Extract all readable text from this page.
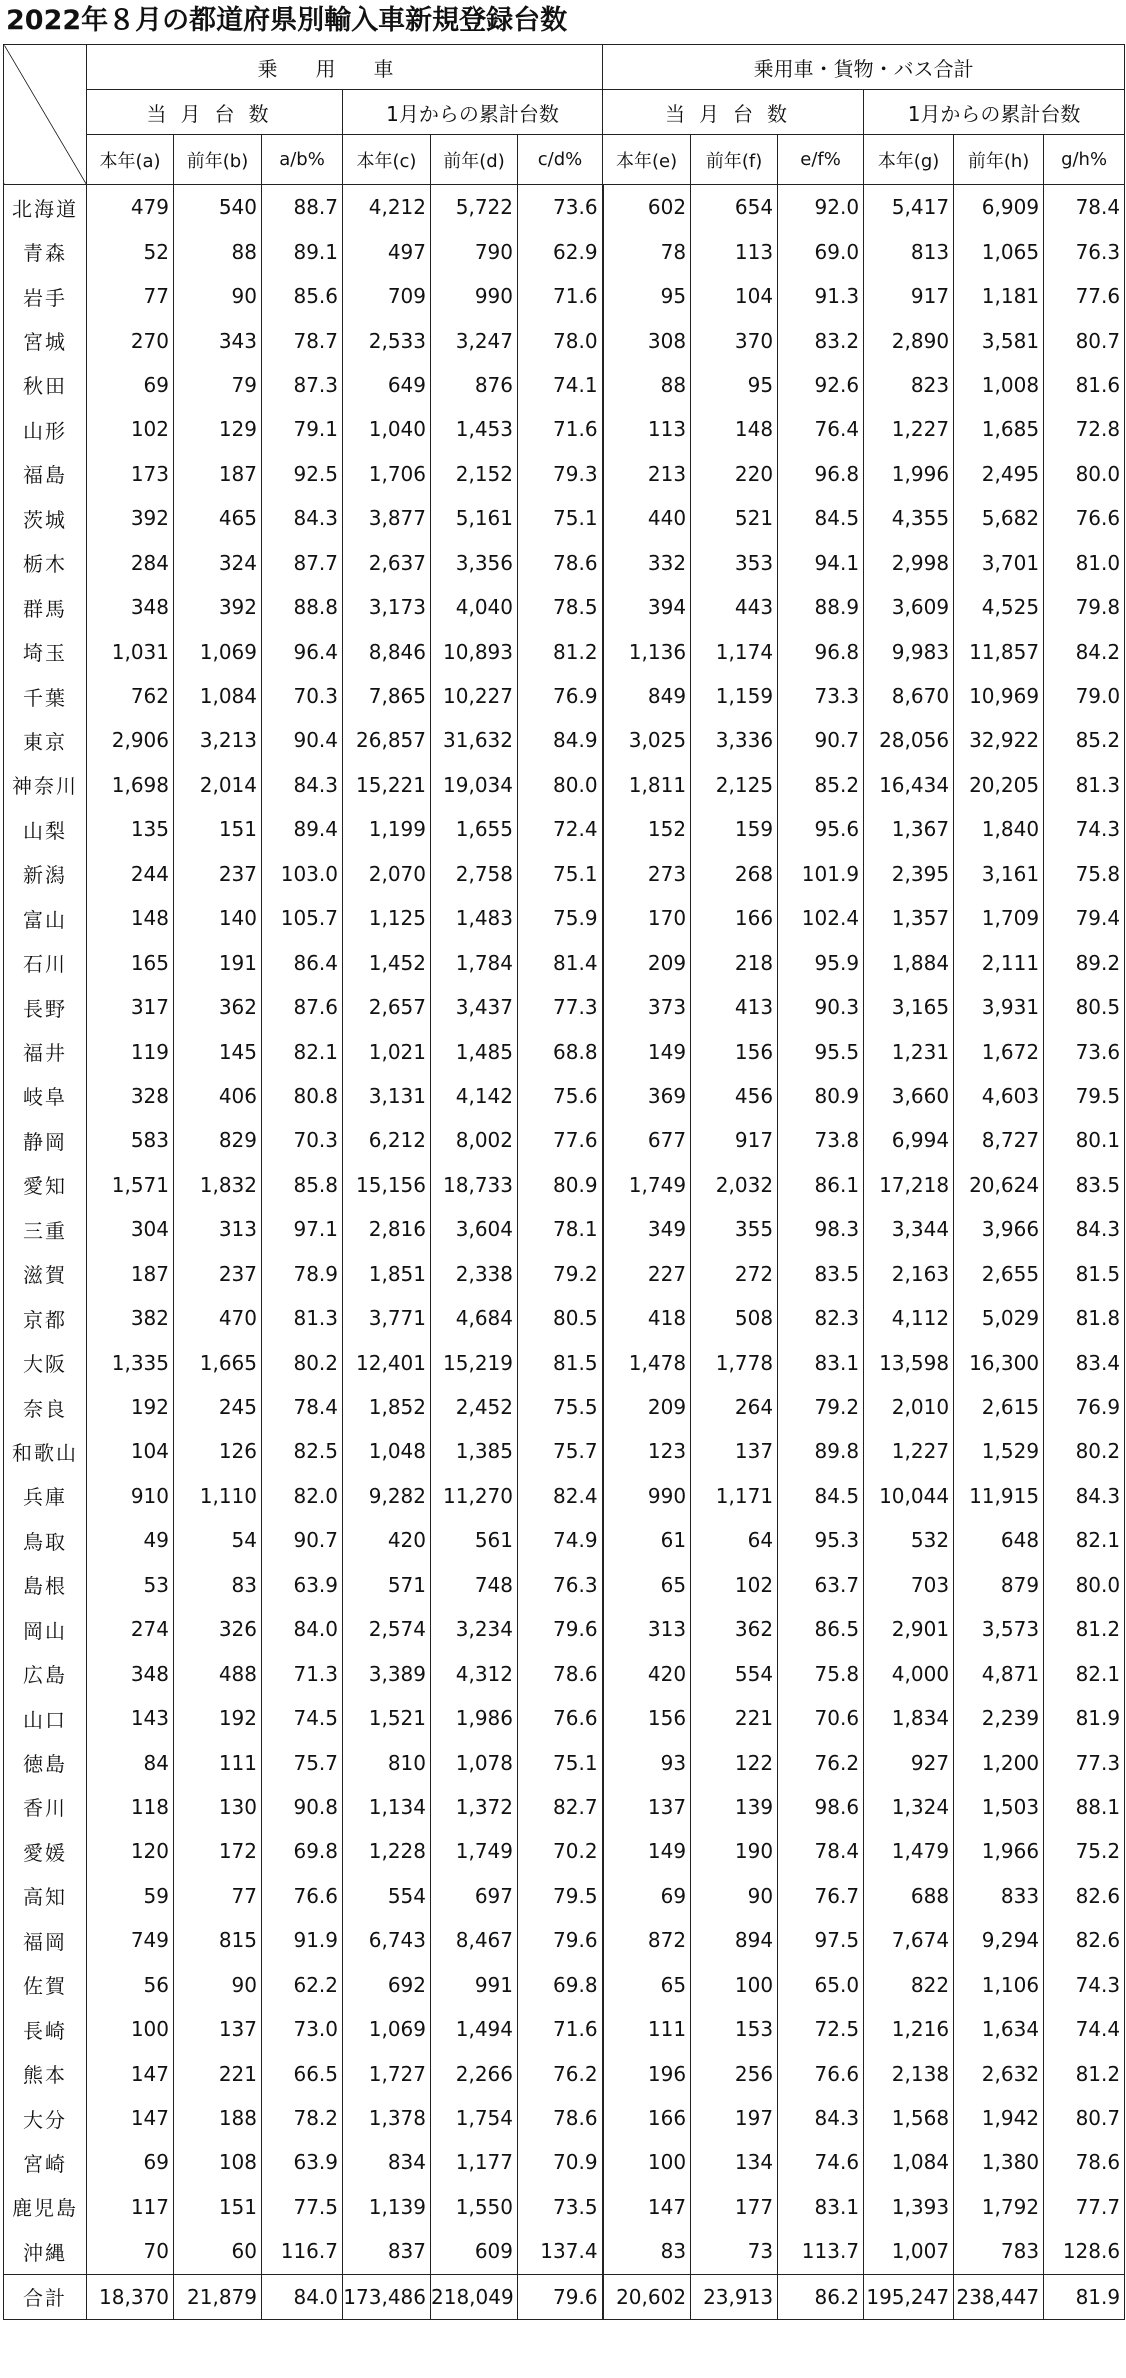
2022年８月の都道府県別輸入車新規登録台数
	乗用車						乗用車・貨物・バス合計					
	当月台数			1月からの累計台数			当月台数			1月からの累計台数		
	本年(a)	前年(b)	a/b%	本年(c)	前年(d)	c/d%	本年(e)	前年(f)	e/f%	本年(g)	前年(h)	g/h%
北海道	479	540	88.7	4,212	5,722	73.6	602	654	92.0	5,417	6,909	78.4
青森	52	88	89.1	497	790	62.9	78	113	69.0	813	1,065	76.3
岩手	77	90	85.6	709	990	71.6	95	104	91.3	917	1,181	77.6
宮城	270	343	78.7	2,533	3,247	78.0	308	370	83.2	2,890	3,581	80.7
秋田	69	79	87.3	649	876	74.1	88	95	92.6	823	1,008	81.6
山形	102	129	79.1	1,040	1,453	71.6	113	148	76.4	1,227	1,685	72.8
福島	173	187	92.5	1,706	2,152	79.3	213	220	96.8	1,996	2,495	80.0
茨城	392	465	84.3	3,877	5,161	75.1	440	521	84.5	4,355	5,682	76.6
栃木	284	324	87.7	2,637	3,356	78.6	332	353	94.1	2,998	3,701	81.0
群馬	348	392	88.8	3,173	4,040	78.5	394	443	88.9	3,609	4,525	79.8
埼玉	1,031	1,069	96.4	8,846	10,893	81.2	1,136	1,174	96.8	9,983	11,857	84.2
千葉	762	1,084	70.3	7,865	10,227	76.9	849	1,159	73.3	8,670	10,969	79.0
東京	2,906	3,213	90.4	26,857	31,632	84.9	3,025	3,336	90.7	28,056	32,922	85.2
神奈川	1,698	2,014	84.3	15,221	19,034	80.0	1,811	2,125	85.2	16,434	20,205	81.3
山梨	135	151	89.4	1,199	1,655	72.4	152	159	95.6	1,367	1,840	74.3
新潟	244	237	103.0	2,070	2,758	75.1	273	268	101.9	2,395	3,161	75.8
富山	148	140	105.7	1,125	1,483	75.9	170	166	102.4	1,357	1,709	79.4
石川	165	191	86.4	1,452	1,784	81.4	209	218	95.9	1,884	2,111	89.2
長野	317	362	87.6	2,657	3,437	77.3	373	413	90.3	3,165	3,931	80.5
福井	119	145	82.1	1,021	1,485	68.8	149	156	95.5	1,231	1,672	73.6
岐阜	328	406	80.8	3,131	4,142	75.6	369	456	80.9	3,660	4,603	79.5
静岡	583	829	70.3	6,212	8,002	77.6	677	917	73.8	6,994	8,727	80.1
愛知	1,571	1,832	85.8	15,156	18,733	80.9	1,749	2,032	86.1	17,218	20,624	83.5
三重	304	313	97.1	2,816	3,604	78.1	349	355	98.3	3,344	3,966	84.3
滋賀	187	237	78.9	1,851	2,338	79.2	227	272	83.5	2,163	2,655	81.5
京都	382	470	81.3	3,771	4,684	80.5	418	508	82.3	4,112	5,029	81.8
大阪	1,335	1,665	80.2	12,401	15,219	81.5	1,478	1,778	83.1	13,598	16,300	83.4
奈良	192	245	78.4	1,852	2,452	75.5	209	264	79.2	2,010	2,615	76.9
和歌山	104	126	82.5	1,048	1,385	75.7	123	137	89.8	1,227	1,529	80.2
兵庫	910	1,110	82.0	9,282	11,270	82.4	990	1,171	84.5	10,044	11,915	84.3
鳥取	49	54	90.7	420	561	74.9	61	64	95.3	532	648	82.1
島根	53	83	63.9	571	748	76.3	65	102	63.7	703	879	80.0
岡山	274	326	84.0	2,574	3,234	79.6	313	362	86.5	2,901	3,573	81.2
広島	348	488	71.3	3,389	4,312	78.6	420	554	75.8	4,000	4,871	82.1
山口	143	192	74.5	1,521	1,986	76.6	156	221	70.6	1,834	2,239	81.9
徳島	84	111	75.7	810	1,078	75.1	93	122	76.2	927	1,200	77.3
香川	118	130	90.8	1,134	1,372	82.7	137	139	98.6	1,324	1,503	88.1
愛媛	120	172	69.8	1,228	1,749	70.2	149	190	78.4	1,479	1,966	75.2
高知	59	77	76.6	554	697	79.5	69	90	76.7	688	833	82.6
福岡	749	815	91.9	6,743	8,467	79.6	872	894	97.5	7,674	9,294	82.6
佐賀	56	90	62.2	692	991	69.8	65	100	65.0	822	1,106	74.3
長崎	100	137	73.0	1,069	1,494	71.6	111	153	72.5	1,216	1,634	74.4
熊本	147	221	66.5	1,727	2,266	76.2	196	256	76.6	2,138	2,632	81.2
大分	147	188	78.2	1,378	1,754	78.6	166	197	84.3	1,568	1,942	80.7
宮崎	69	108	63.9	834	1,177	70.9	100	134	74.6	1,084	1,380	78.6
鹿児島	117	151	77.5	1,139	1,550	73.5	147	177	83.1	1,393	1,792	77.7
沖縄	70	60	116.7	837	609	137.4	83	73	113.7	1,007	783	128.6
合計	18,370	21,879	84.0	173,486	218,049	79.6	20,602	23,913	86.2	195,247	238,447	81.9
